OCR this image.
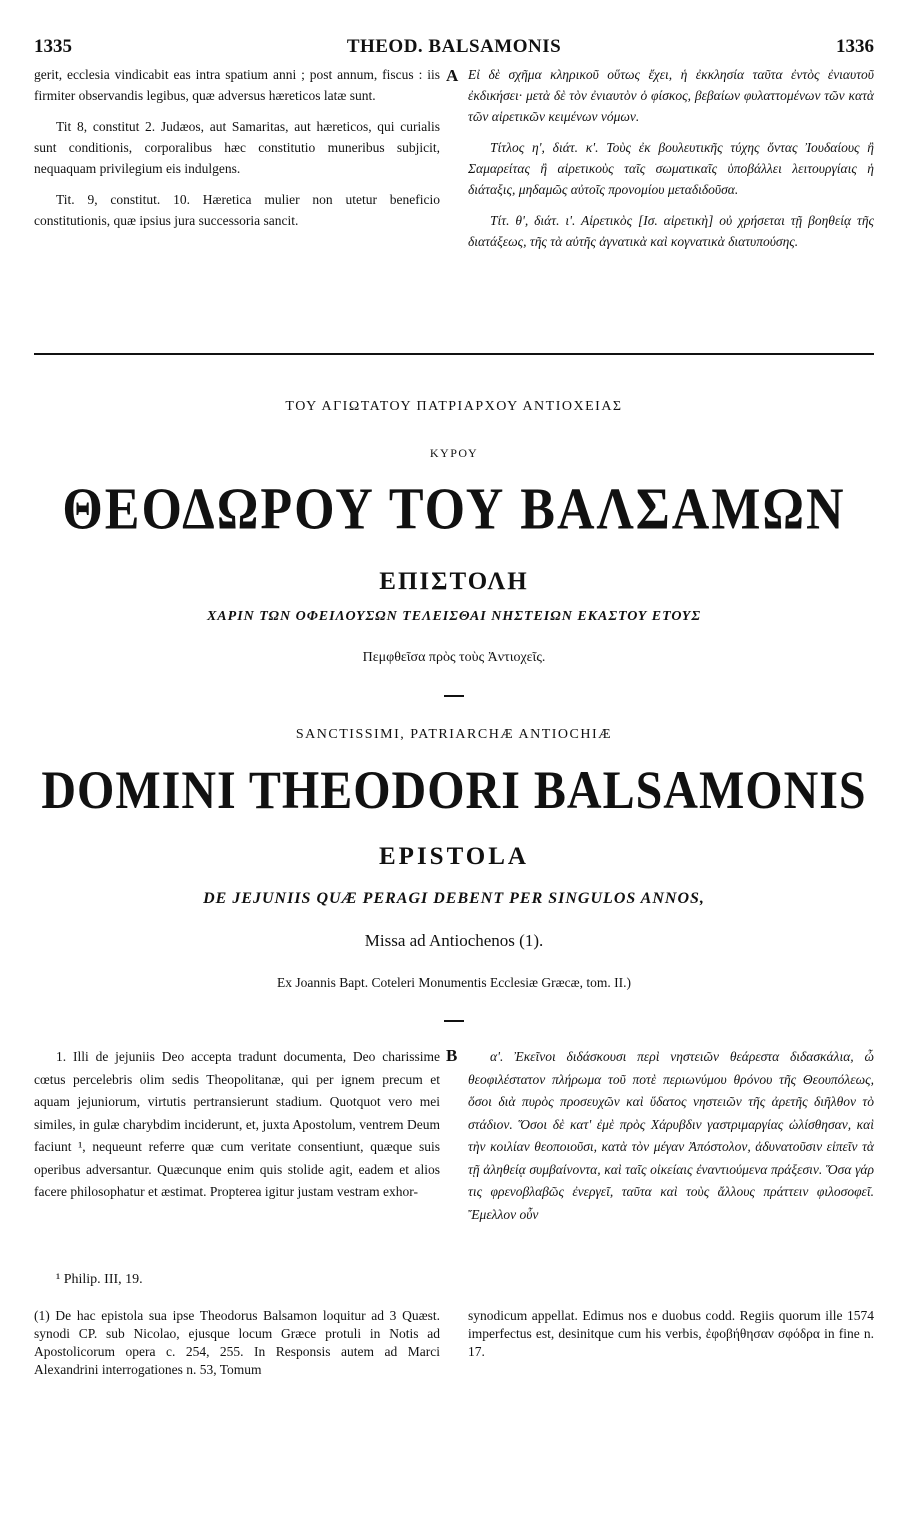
1335	THEOD. BALSAMONIS	1336

gerit, ecclesia vindicabit eas intra spatium anni ; post annum, fiscus : iis firmiter observandis legibus, quæ adversus hæreticos latæ sunt.

Tit 8, constitut 2. Judæos, aut Samaritas, aut hæreticos, qui curialis sunt conditionis, corporalibus hæc constitutio muneribus subjicit, nequaquam privilegium eis indulgens.

Tit. 9, constitut. 10. Hæretica mulier non utetur beneficio constitutionis, quæ ipsius jura successoria sancit.

A Εἰ δὲ σχῆμα κληρικοῦ οὕτως ἔχει, ἡ ἐκκλησία ταῦτα ἐντὸς ἐνιαυτοῦ ἐκδικήσει· μετὰ δὲ τὸν ἐνιαυτὸν ὁ φίσκος, βεβαίων φυλαττομένων τῶν κατὰ τῶν αἱρετικῶν κειμένων νόμων.

Τίτλος η', διάτ. κ'. Τοὺς ἐκ βουλευτικῆς τύχης ὄντας Ἰουδαίους ἢ Σαμαρείτας ἢ αἱρετικοὺς ταῖς σωματικαῖς ὑποβάλλει λειτουργίαις ἡ διάταξις, μηδαμῶς αὐτοῖς προνομίου μεταδιδοῦσα.

Τίτ. θ', διάτ. ι'. Αἱρετικὸς [Ισ. αἱρετικὴ] οὐ χρήσεται τῇ βοηθείᾳ τῆς διατάξεως, τῆς τὰ αὐτῆς ἀγνατικὰ καὶ κογνατικὰ διατυπούσης.

ΤΟΥ ΑΓΙΩΤΑΤΟΥ ΠΑΤΡΙΑΡΧΟΥ ΑΝΤΙΟΧΕΙΑΣ
ΚΥΡΟΥ
ΘΕΟΔΩΡΟΥ ΤΟΥ ΒΑΛΣΑΜΩΝ
ΕΠΙΣΤΟΛΗ
ΧΑΡΙΝ ΤΩΝ ΟΦΕΙΛΟΥΣΩΝ ΤΕΛΕΙΣΘΑΙ ΝΗΣΤΕΙΩΝ ΕΚΑΣΤΟΥ ΕΤΟΥΣ
Πεμφθεῖσα πρὸς τοὺς Ἀντιοχεῖς.
SANCTISSIMI, PATRIARCHÆ ANTIOCHIÆ
DOMINI THEODORI BALSAMONIS
EPISTOLA
DE JEJUNIIS QUÆ PERAGI DEBENT PER SINGULOS ANNOS,
Missa ad Antiochenos (1).
Ex Joannis Bapt. Coteleri Monumentis Ecclesiæ Græcæ, tom. II.)

1. Illi de jejuniis Deo accepta tradunt documenta, Deo charissime cœtus percelebris olim sedis Theopolitanæ, qui per ignem precum et aquam jejuniorum, virtutis pertransierunt stadium. Quotquot vero mei similes, in gulæ charybdim inciderunt, et, juxta Apostolum, ventrem Deum faciunt ¹, nequeunt referre quæ cum veritate consentiunt, quæque suis operibus adversantur. Quæcunque enim quis stolide agit, eadem et alios facere philosophatur et æstimat. Propterea igitur justam vestram exhor-

B	α'. Ἐκεῖνοι διδάσκουσι περὶ νηστειῶν θεάρεστα διδασκάλια, ὦ θεοφιλέστατον πλήρωμα τοῦ ποτὲ περιωνύμου θρόνου τῆς Θεουπόλεως, ὅσοι διὰ πυρὸς προσευχῶν καὶ ὕδατος νηστειῶν τῆς ἀρετῆς διῆλθον τὸ στάδιον. Ὅσοι δὲ κατ' ἐμὲ πρὸς Χάρυβδιν γαστριμαργίας ὠλίσθησαν, καὶ τὴν κοιλίαν θεοποιοῦσι, κατὰ τὸν μέγαν Ἀπόστολον, ἀδυνατοῦσιν εἰπεῖν τὰ τῇ ἀληθείᾳ συμβαίνοντα, καὶ ταῖς οἰκείαις ἐναντιούμενα πράξεσιν. Ὅσα γάρ τις φρενοβλαβῶς ἐνεργεῖ, ταῦτα καὶ τοὺς ἄλλους πράττειν φιλοσοφεῖ. Ἔμελλον οὖν

¹ Philip. III, 19.

(1) De hac epistola sua ipse Theodorus Balsamon loquitur ad 3 Quæst. synodi CP. sub Nicolao, ejusque locum Græce protuli in Notis ad Apostolicorum opera c. 254, 255. In Responsis autem ad Marci Alexandrini interrogationes n. 53, Tomum

synodicum appellat. Edimus nos e duobus codd. Regiis quorum ille 1574 imperfectus est, desinitque cum his verbis, ἐφοβήθησαν σφόδρα in fine n. 17.
